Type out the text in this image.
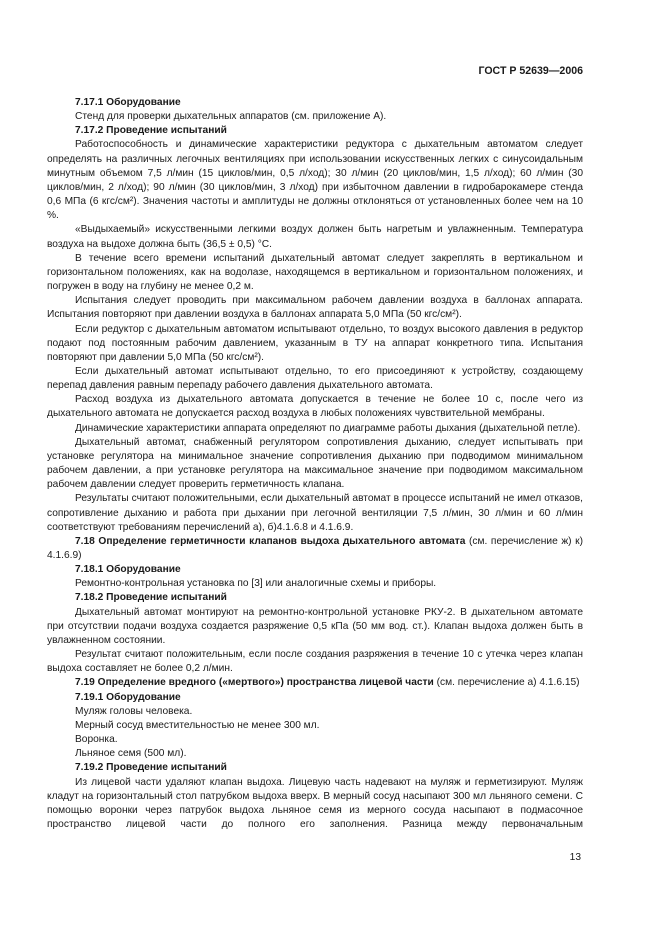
ГОСТ Р 52639—2006

7.17.1 Оборудование

Стенд для проверки дыхательных аппаратов (см. приложение А).

7.17.2 Проведение испытаний

Работоспособность и динамические характеристики редуктора с дыхательным автоматом следует определять на различных легочных вентиляциях при использовании искусственных легких с синусоидальным минутным объемом 7,5 л/мин (15 циклов/мин, 0,5 л/ход); 30 л/мин (20 циклов/мин, 1,5 л/ход); 60 л/мин (30 циклов/мин, 2 л/ход); 90 л/мин (30 циклов/мин, 3 л/ход) при избыточном давлении в гидробарокамере стенда 0,6 МПа (6 кгс/см²). Значения частоты и амплитуды не должны отклоняться от установленных более чем на 10 %.

«Выдыхаемый» искусственными легкими воздух должен быть нагретым и увлажненным. Температура воздуха на выдохе должна быть (36,5 ± 0,5) °С.

В течение всего времени испытаний дыхательный автомат следует закреплять в вертикальном и горизонтальном положениях, как на водолазе, находящемся в вертикальном и горизонтальном положениях, и погружен в воду на глубину не менее 0,2 м.

Испытания следует проводить при максимальном рабочем давлении воздуха в баллонах аппарата. Испытания повторяют при давлении воздуха в баллонах аппарата 5,0 МПа (50 кгс/см²).

Если редуктор с дыхательным автоматом испытывают отдельно, то воздух высокого давления в редуктор подают под постоянным рабочим давлением, указанным в ТУ на аппарат конкретного типа. Испытания повторяют при давлении 5,0 МПа (50 кгс/см²).

Если дыхательный автомат испытывают отдельно, то его присоединяют к устройству, создающему перепад давления равным перепаду рабочего давления дыхательного автомата.

Расход воздуха из дыхательного автомата допускается в течение не более 10 с, после чего из дыхательного автомата не допускается расход воздуха в любых положениях чувствительной мембраны.

Динамические характеристики аппарата определяют по диаграмме работы дыхания (дыхательной петле).

Дыхательный автомат, снабженный регулятором сопротивления дыханию, следует испытывать при установке регулятора на минимальное значение сопротивления дыханию при подводимом минимальном рабочем давлении, а при установке регулятора на максимальное значение при подводимом максимальном рабочем давлении следует проверить герметичность клапана.

Результаты считают положительными, если дыхательный автомат в процессе испытаний не имел отказов, сопротивление дыханию и работа при дыхании при легочной вентиляции 7,5 л/мин, 30 л/мин и 60 л/мин соответствуют требованиям перечислений а), б)4.1.6.8 и 4.1.6.9.

7.18 Определение герметичности клапанов выдоха дыхательного автомата (см. перечисление ж) к) 4.1.6.9)

7.18.1 Оборудование

Ремонтно-контрольная установка по [3] или аналогичные схемы и приборы.

7.18.2 Проведение испытаний

Дыхательный автомат монтируют на ремонтно-контрольной установке РКУ-2. В дыхательном автомате при отсутствии подачи воздуха создается разряжение 0,5 кПа (50 мм вод. ст.). Клапан выдоха должен быть в увлажненном состоянии.

Результат считают положительным, если после создания разряжения в течение 10 с утечка через клапан выдоха составляет не более 0,2 л/мин.

7.19 Определение вредного («мертвого») пространства лицевой части (см. перечисление а) 4.1.6.15)

7.19.1 Оборудование

Муляж головы человека.

Мерный сосуд вместительностью не менее 300 мл.

Воронка.

Льняное семя (500 мл).

7.19.2 Проведение испытаний

Из лицевой части удаляют клапан выдоха. Лицевую часть надевают на муляж и герметизируют. Муляж кладут на горизонтальный стол патрубком выдоха вверх. В мерный сосуд насыпают 300 мл льняного семени. С помощью воронки через патрубок выдоха льняное семя из мерного сосуда насыпают в подмасочное пространство лицевой части до полного его заполнения. Разница между первоначальным

13
